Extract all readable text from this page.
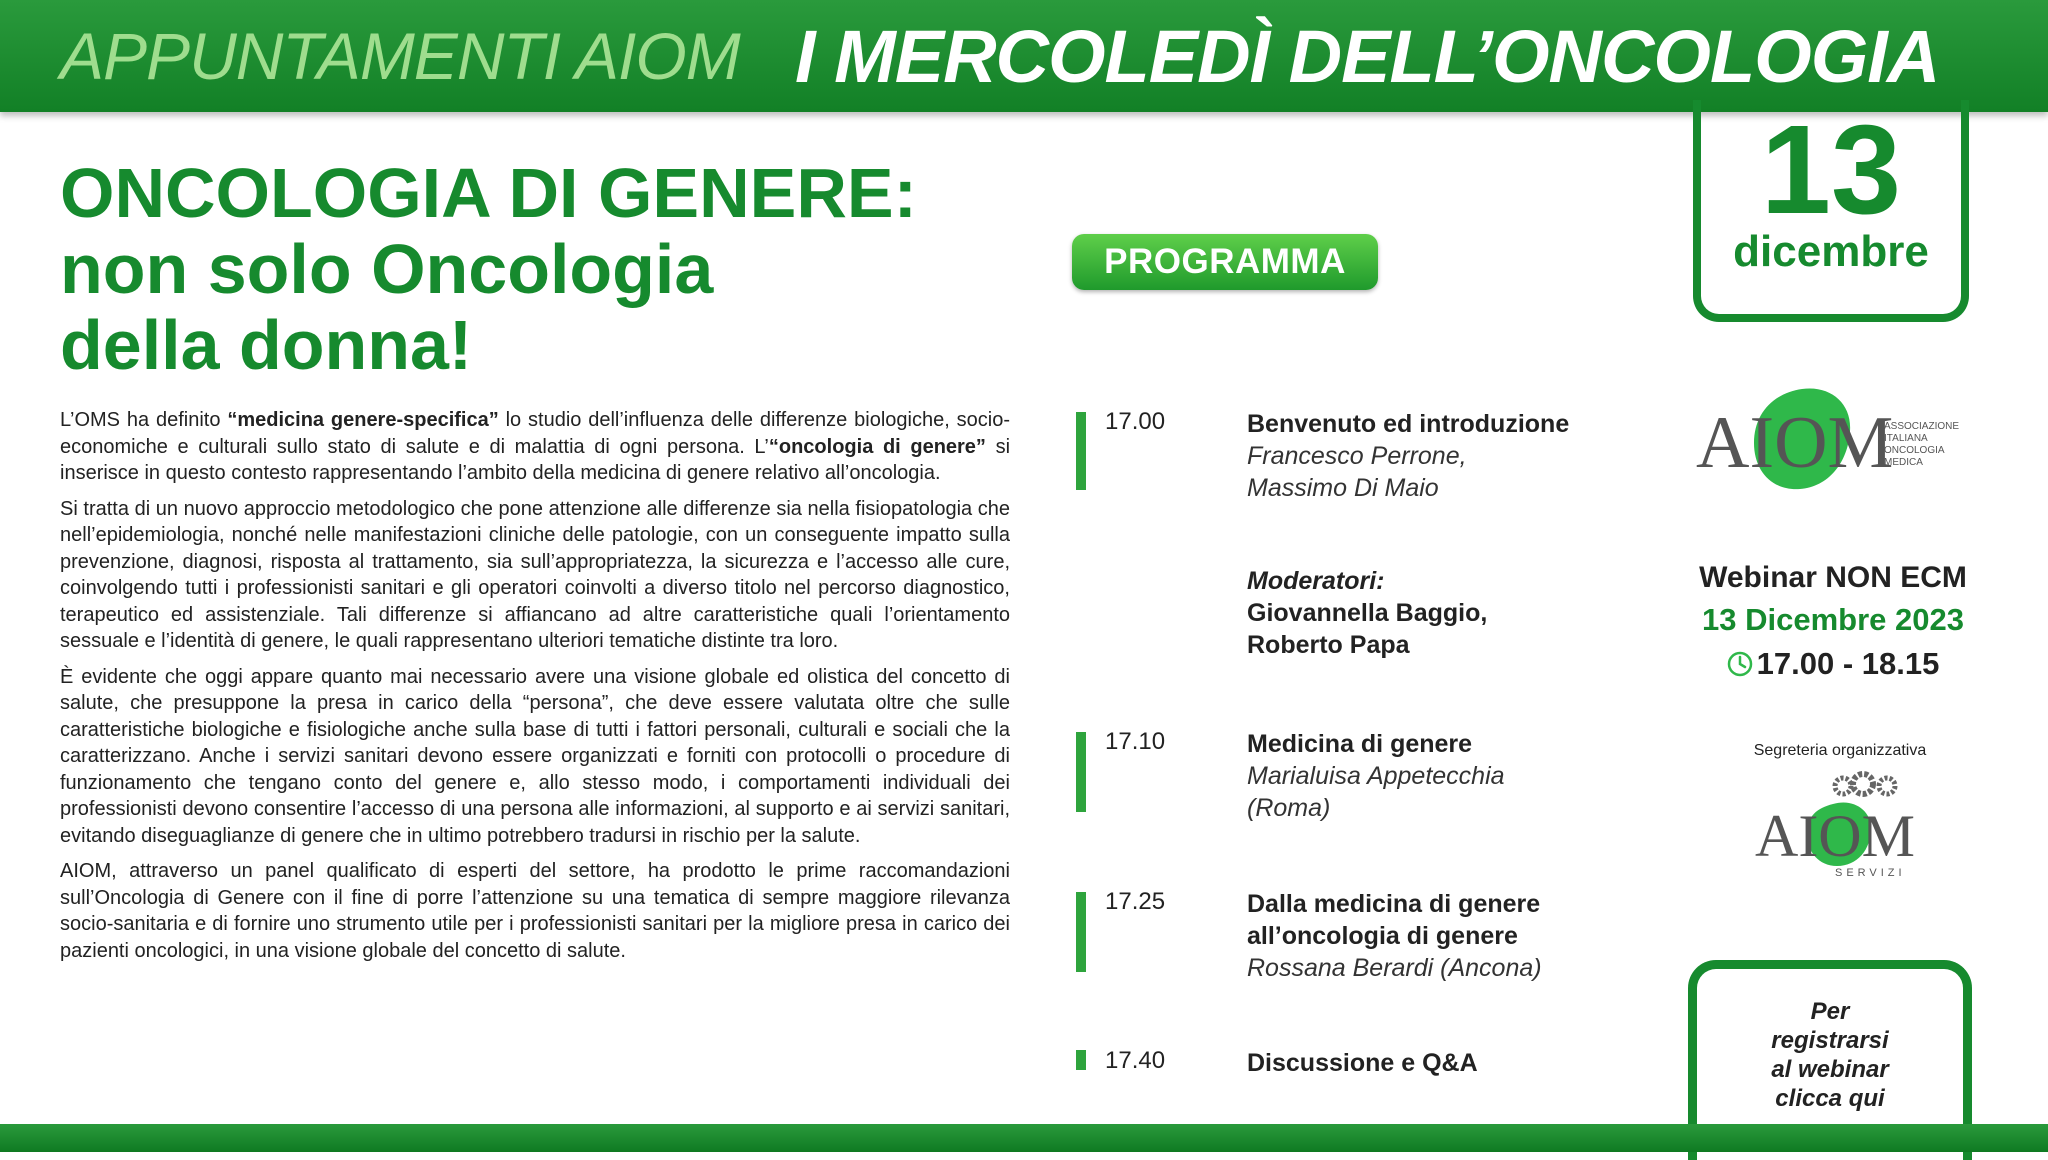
APPUNTAMENTI AIOM I MERCOLEDÌ DELL’ONCOLOGIA
ONCOLOGIA DI GENERE:
non solo Oncologia
della donna!

L’OMS ha definito “medicina genere-specifica” lo studio dell’influenza delle differenze biologiche, socio-economiche e culturali sullo stato di salute e di malattia di ogni persona. L’“oncologia di genere” si inserisce in questo contesto rappresentando l’ambito della medicina di genere relativo all’oncologia.

Si tratta di un nuovo approccio metodologico che pone attenzione alle differenze sia nella fisiopatologia che nell’epidemiologia, nonché nelle manifestazioni cliniche delle patologie, con un conseguente impatto sulla prevenzione, diagnosi, risposta al trattamento, sia sull’appropriatezza, la sicurezza e l’accesso alle cure, coinvolgendo tutti i professionisti sanitari e gli operatori coinvolti a diverso titolo nel percorso diagnostico, terapeutico ed assistenziale. Tali differenze si affiancano ad altre caratteristiche quali l’orientamento sessuale e l’identità di genere, le quali rappresentano ulteriori tematiche distinte tra loro.

È evidente che oggi appare quanto mai necessario avere una visione globale ed olistica del concetto di salute, che presuppone la presa in carico della “persona”, che deve essere valutata oltre che sulle caratteristiche biologiche e fisiologiche anche sulla base di tutti i fattori personali, culturali e sociali che la caratterizzano. Anche i servizi sanitari devono essere organizzati e forniti con protocolli o procedure di funzionamento che tengano conto del genere e, allo stesso modo, i comportamenti individuali dei professionisti devono consentire l’accesso di una persona alle informazioni, al supporto e ai servizi sanitari, evitando diseguaglianze di genere che in ultimo potrebbero tradursi in rischio per la salute.

AIOM, attraverso un panel qualificato di esperti del settore, ha prodotto le prime raccomandazioni sull’Oncologia di Genere con il fine di porre l’attenzione su una tematica di sempre maggiore rilevanza socio-sanitaria e di fornire uno strumento utile per i professionisti sanitari per la migliore presa in carico dei pazienti oncologici, in una visione globale del concetto di salute.

PROGRAMMA
17.00	Benvenuto ed introduzione
Francesco Perrone,
Massimo Di Maio
Moderatori:
Giovannella Baggio,
Roberto Papa
17.10	Medicina di genere
Marialuisa Appetecchia
(Roma)
17.25	Dalla medicina di genere
all’oncologia di genere
Rossana Berardi (Ancona)
17.40	Discussione e Q&A
13
dicembre
AIOM
ASSOCIAZIONE
ITALIANA
ONCOLOGIA
MEDICA
Webinar NON ECM
13 Dicembre 2023
17.00 - 18.15
Segreteria organizzativa
AIOM
SERVIZI
Per
registrarsi
al webinar
clicca qui
